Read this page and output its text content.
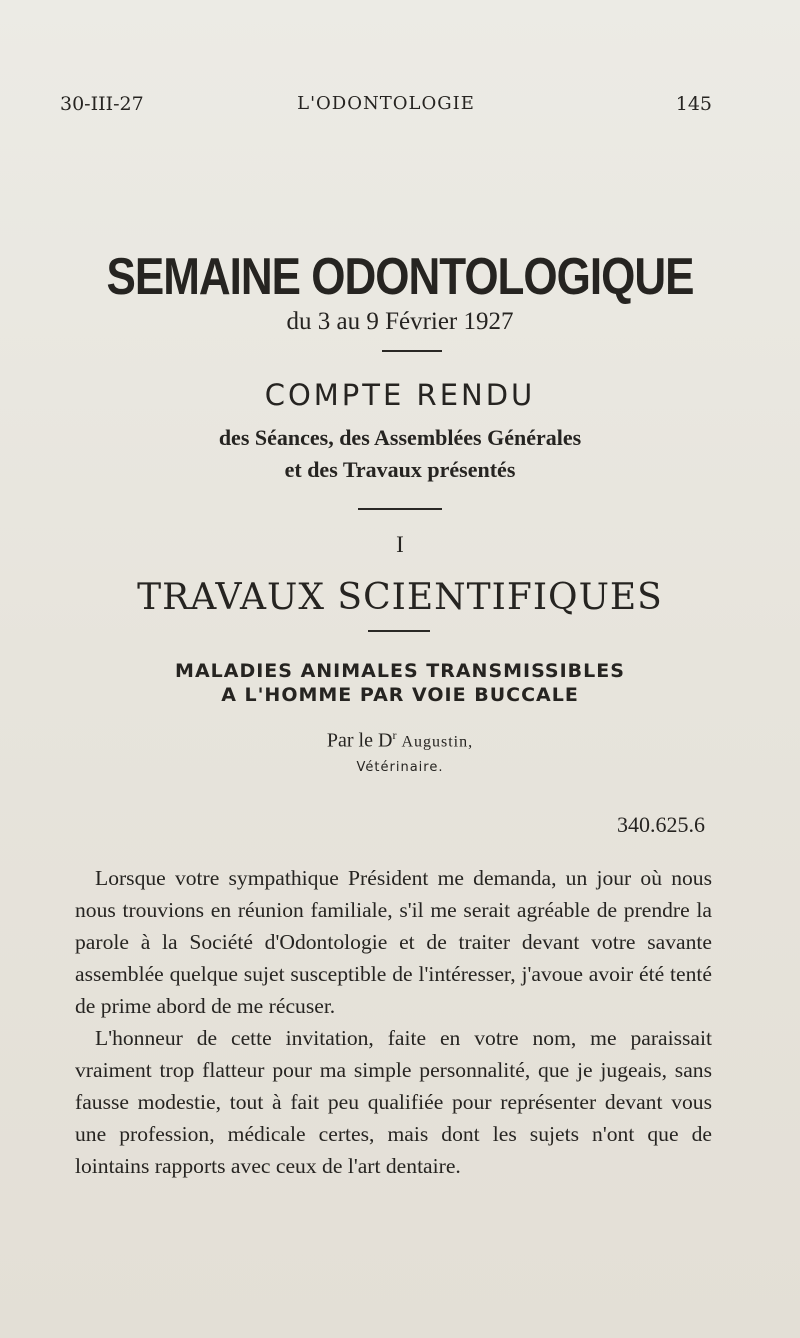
30-III-27	L'ODONTOLOGIE	145
SEMAINE ODONTOLOGIQUE
du 3 au 9 Février 1927
COMPTE RENDU
des Séances, des Assemblées Générales
et des Travaux présentés
I
TRAVAUX SCIENTIFIQUES
MALADIES ANIMALES TRANSMISSIBLES
A L'HOMME PAR VOIE BUCCALE
Par le $D^r$ Augustin,
Vétérinaire.
340.625.6

Lorsque votre sympathique Président me demanda, un jour où nous nous trouvions en réunion familiale, s'il me serait agréable de prendre la parole à la Société d'Odontologie et de traiter devant votre savante assemblée quelque sujet susceptible de l'intéresser, j'avoue avoir été tenté de prime abord de me récuser.

L'honneur de cette invitation, faite en votre nom, me paraissait vraiment trop flatteur pour ma simple personnalité, que je jugeais, sans fausse modestie, tout à fait peu qualifiée pour représenter devant vous une profession, médicale certes, mais dont les sujets n'ont que de lointains rapports avec ceux de l'art dentaire.
